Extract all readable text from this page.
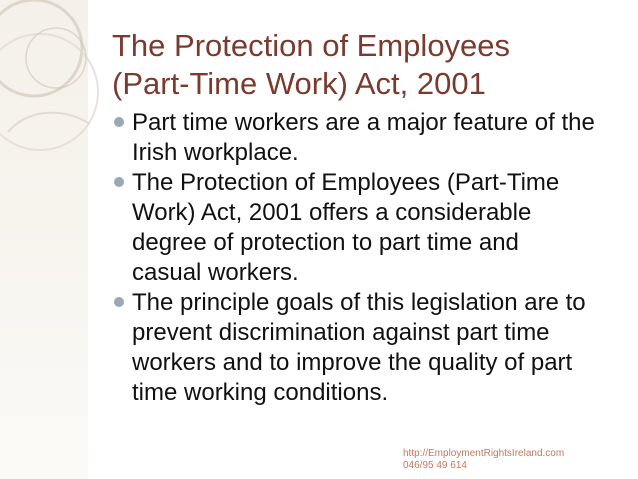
The Protection of Employees
(Part-Time Work) Act, 2001
Part time workers are a major feature of the Irish workplace.
The Protection of Employees (Part-Time Work) Act, 2001 offers a considerable degree of protection to part time and casual workers.
The principle goals of this legislation are to prevent discrimination against part time workers and to improve the quality of part time working conditions.
http://EmploymentRightsIreland.com
046/95 49 614
